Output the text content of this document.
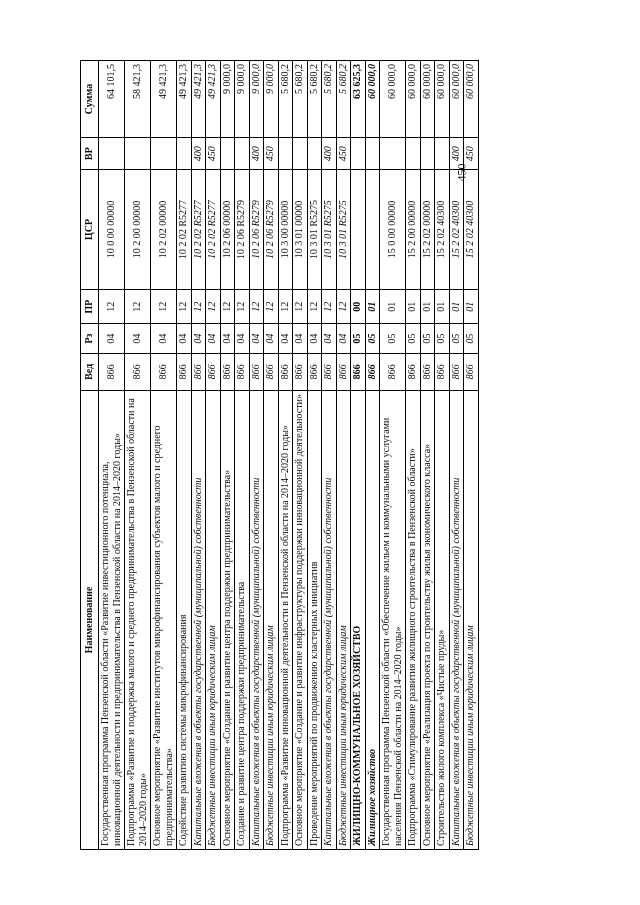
450
Наименование	Вед	Рз	ПР	ЦСР	ВР	Сумма
Государственная программа Пензенской области «Развитие инвестиционного потенциала, инновационной деятельности и предпринимательства в Пензенской области на 2014–2020 годы»	866	04	12	10 0 00 00000		64 101,5
Подпрограмма «Развитие и поддержка малого и среднего предпринимательства в Пензенской области на 2014–2020 годы»	866	04	12	10 2 00 00000		58 421,3
Основное мероприятие «Развитие институтов микрофинансирования субъектов малого и среднего предпринимательства»	866	04	12	10 2 02 00000		49 421,3
Содействие развитию системы микрофинансирования	866	04	12	10 2 02 R5277		49 421,3
Капитальные вложения в объекты государственной (муниципальной) собственности	866	04	12	10 2 02 R5277	400	49 421,3
Бюджетные инвестиции иным юридическим лицам	866	04	12	10 2 02 R5277	450	49 421,3
Основное мероприятие «Создание и развитие центра поддержки предпринимательства»	866	04	12	10 2 06 00000		9 000,0
Создание и развитие центра поддержки предпринимательства	866	04	12	10 2 06 R5279		9 000,0
Капитальные вложения в объекты государственной (муниципальной) собственности	866	04	12	10 2 06 R5279	400	9 000,0
Бюджетные инвестиции иным юридическим лицам	866	04	12	10 2 06 R5279	450	9 000,0
Подпрограмма «Развитие инновационной деятельности в Пензенской области на 2014–2020 годы»	866	04	12	10 3 00 00000		5 680,2
Основное мероприятие «Создание и развитие инфраструктуры поддержки инновационной деятельности»	866	04	12	10 3 01 00000		5 680,2
Проведение мероприятий по продвижению кластерных инициатив	866	04	12	10 3 01 R5275		5 680,2
Капитальные вложения в объекты государственной (муниципальной) собственности	866	04	12	10 3 01 R5275	400	5 680,2
Бюджетные инвестиции иным юридическим лицам	866	04	12	10 3 01 R5275	450	5 680,2
ЖИЛИЩНО-КОММУНАЛЬНОЕ ХОЗЯЙСТВО	866	05	00			63 625,3
Жилищное хозяйство	866	05	01			60 000,0
Государственная программа Пензенской области «Обеспечение жильем и коммунальными услугами населения Пензенской области на 2014–2020 годы»	866	05	01	15 0 00 00000		60 000,0
Подпрограмма «Стимулирование развития жилищного строительства в Пензенской области»	866	05	01	15 2 00 00000		60 000,0
Основное мероприятие «Реализация проекта по строительству жилья экономического класса»	866	05	01	15 2 02 00000		60 000,0
Строительство жилого комплекса «Чистые пруды»	866	05	01	15 2 02 40300		60 000,0
Капитальные вложения в объекты государственной (муниципальной) собственности	866	05	01	15 2 02 40300	400	60 000,0
Бюджетные инвестиции иным юридическим лицам	866	05	01	15 2 02 40300	450	60 000,0
